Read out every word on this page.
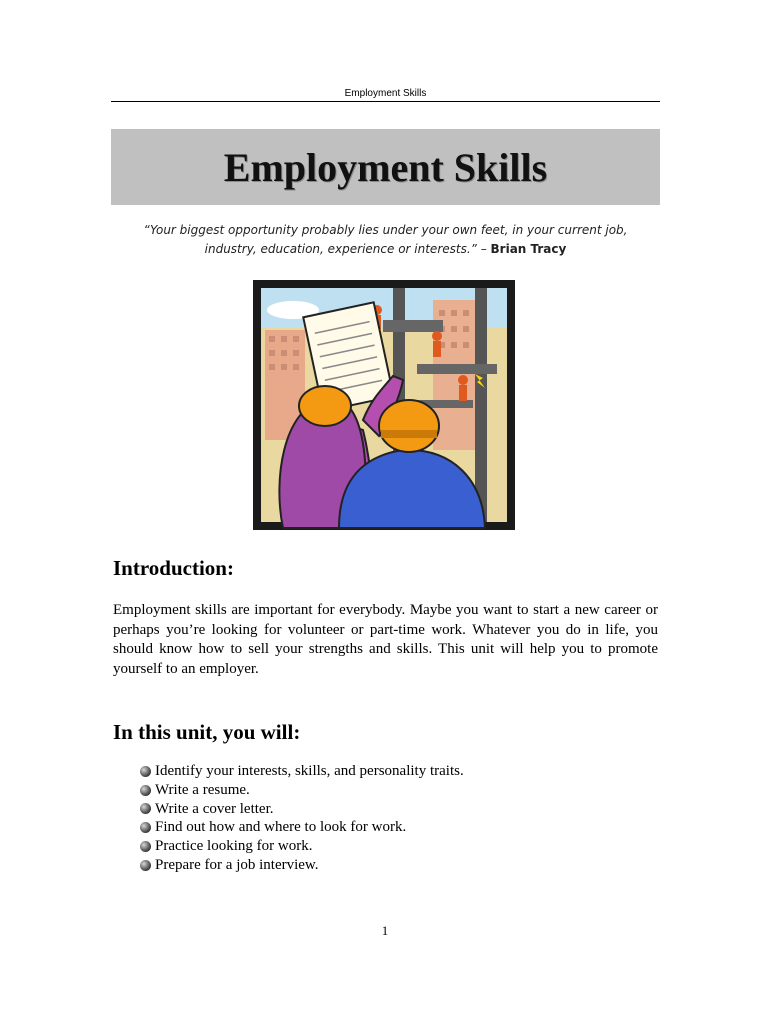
Employment Skills
Employment Skills
“Your biggest opportunity probably lies under your own feet, in your current job,
industry, education, experience or interests.” – Brian Tracy
Introduction:

Employment skills are important for everybody. Maybe you want to start a new career or perhaps you’re looking for volunteer or part-time work. Whatever you do in life, you should know how to sell your strengths and skills. This unit will help you to promote yourself to an employer.

In this unit, you will:
Identify your interests, skills, and personality traits.
Write a resume.
Write a cover letter.
Find out how and where to look for work.
Practice looking for work.
Prepare for a job interview.
1
